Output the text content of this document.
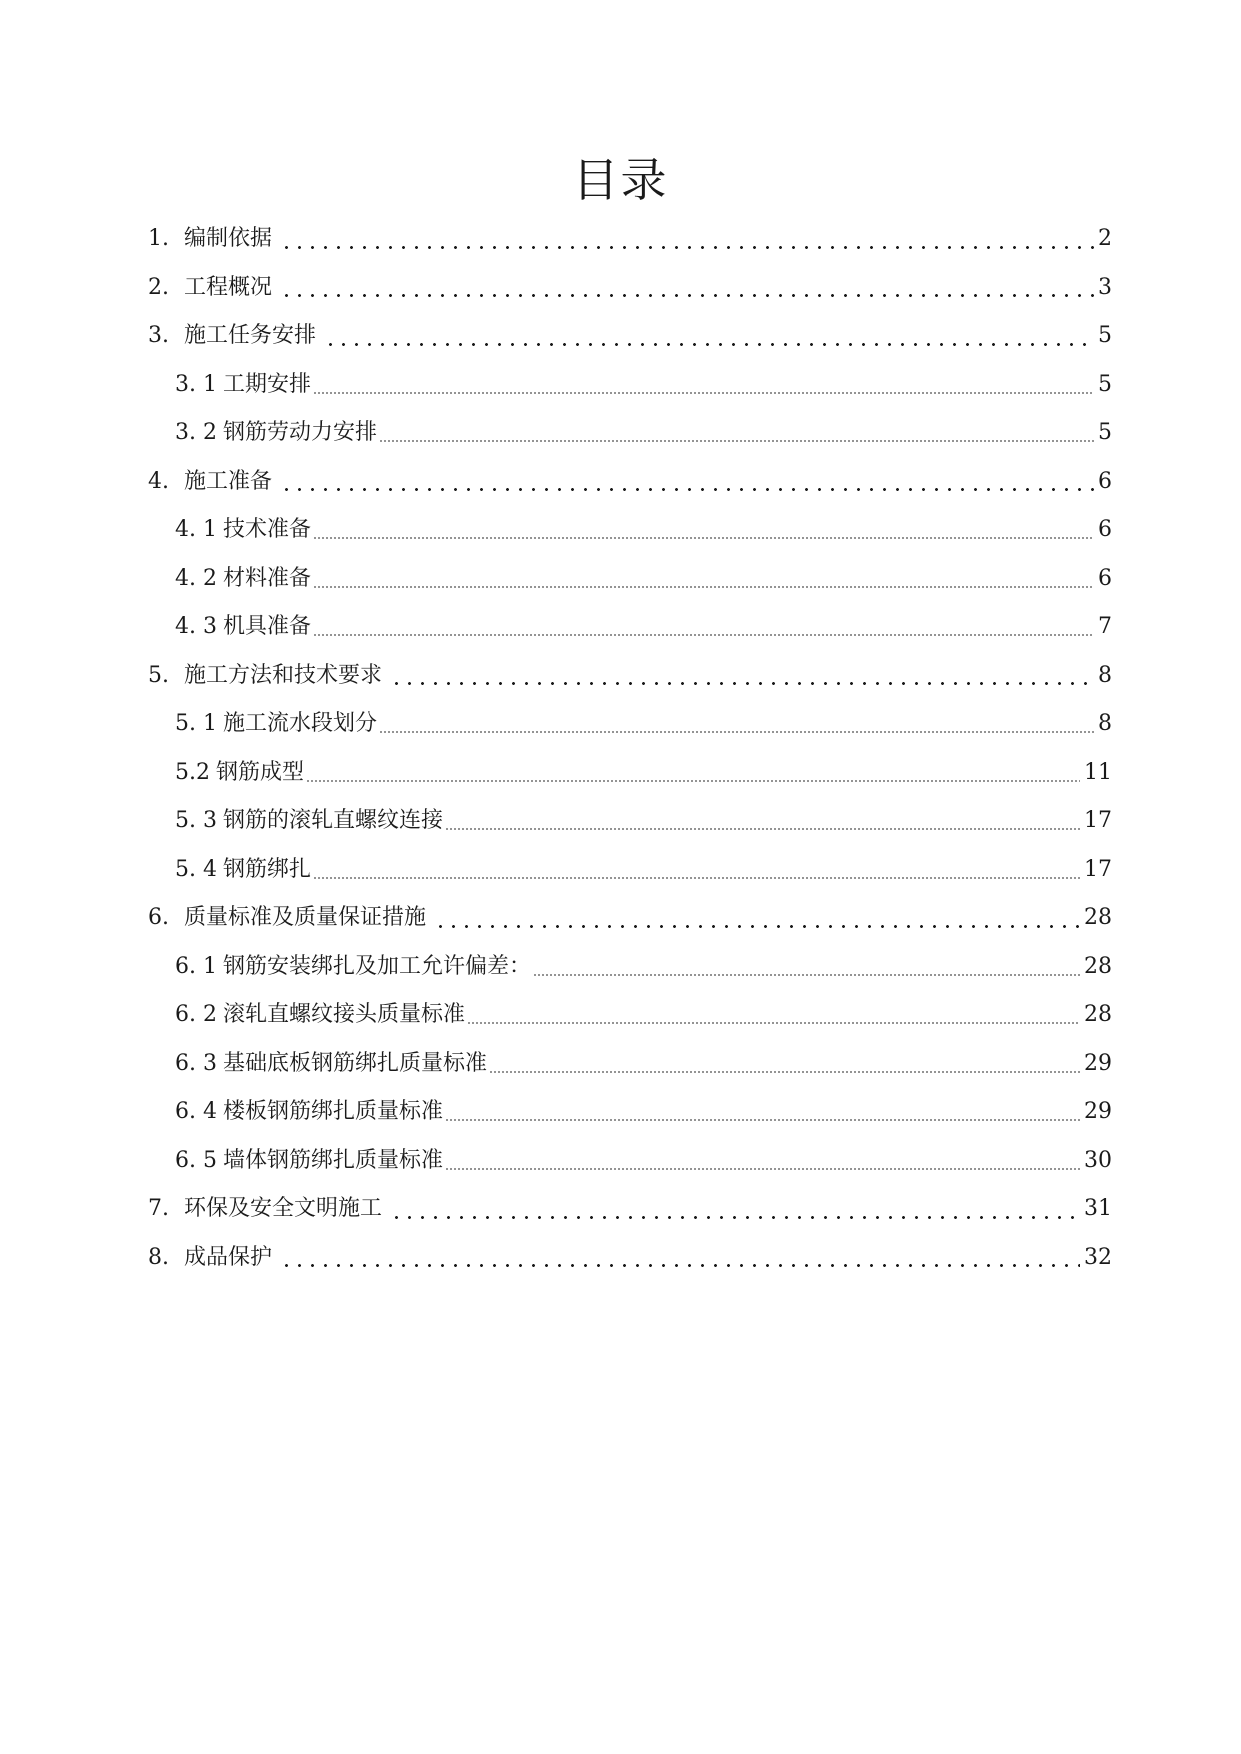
目录
1. 编制依据	2
2. 工程概况	3
3. 施工任务安排	5
3. 1 工期安排	5
3. 2 钢筋劳动力安排	5
4. 施工准备	6
4. 1 技术准备	6
4. 2 材料准备	6
4. 3 机具准备	7
5. 施工方法和技术要求	8
5. 1 施工流水段划分	8
5.2 钢筋成型	11
5. 3 钢筋的滚轧直螺纹连接	17
5. 4 钢筋绑扎	17
6. 质量标准及质量保证措施	28
6. 1 钢筋安装绑扎及加工允许偏差：	28
6. 2 滚轧直螺纹接头质量标准	28
6. 3 基础底板钢筋绑扎质量标准	29
6. 4 楼板钢筋绑扎质量标准	29
6. 5 墙体钢筋绑扎质量标准	30
7. 环保及安全文明施工	31
8. 成品保护	32
